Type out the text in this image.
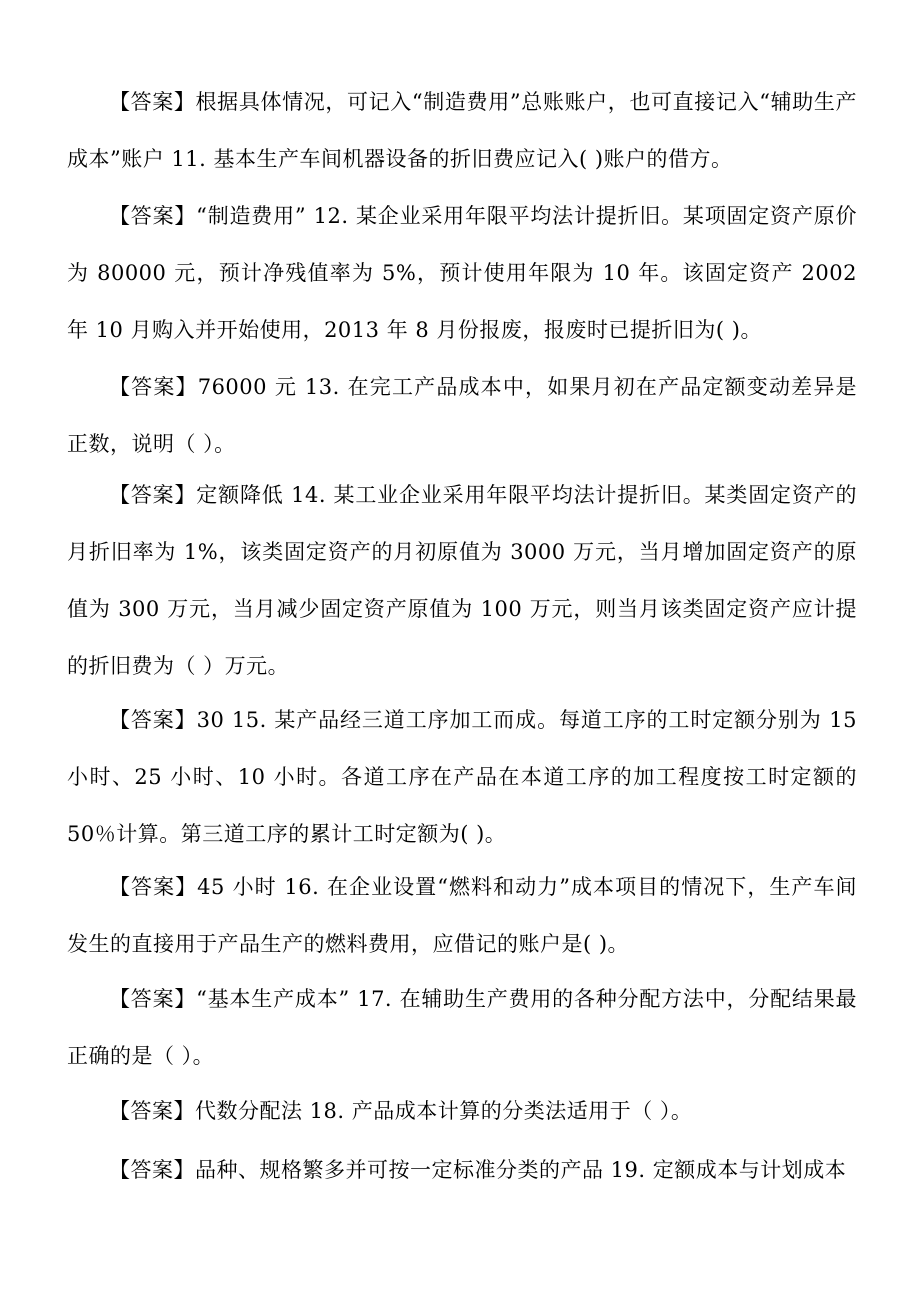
【答案】根据具体情况，可记入“制造费用”总账账户，也可直接记入“辅助生产成本”账户 11. 基本生产车间机器设备的折旧费应记入( )账户的借方。

【答案】“制造费用” 12. 某企业采用年限平均法计提折旧。某项固定资产原价为 80000 元，预计净残值率为 5%，预计使用年限为 10 年。该固定资产 2002 年 10 月购入并开始使用，2013 年 8 月份报废，报废时已提折旧为( )。

【答案】76000 元 13. 在完工产品成本中，如果月初在产品定额变动差异是正数，说明（ ）。

【答案】定额降低 14. 某工业企业采用年限平均法计提折旧。某类固定资产的月折旧率为 1%，该类固定资产的月初原值为 3000 万元，当月增加固定资产的原值为 300 万元，当月减少固定资产原值为 100 万元，则当月该类固定资产应计提的折旧费为（ ）万元。

【答案】30 15. 某产品经三道工序加工而成。每道工序的工时定额分别为 15 小时、25 小时、10 小时。各道工序在产品在本道工序的加工程度按工时定额的 50％计算。第三道工序的累计工时定额为( )。

【答案】45 小时 16. 在企业设置“燃料和动力”成本项目的情况下，生产车间发生的直接用于产品生产的燃料费用，应借记的账户是( )。

【答案】“基本生产成本” 17. 在辅助生产费用的各种分配方法中，分配结果最正确的是（ ）。

【答案】代数分配法 18. 产品成本计算的分类法适用于（ ）。

【答案】品种、规格繁多并可按一定标准分类的产品 19. 定额成本与计划成本
